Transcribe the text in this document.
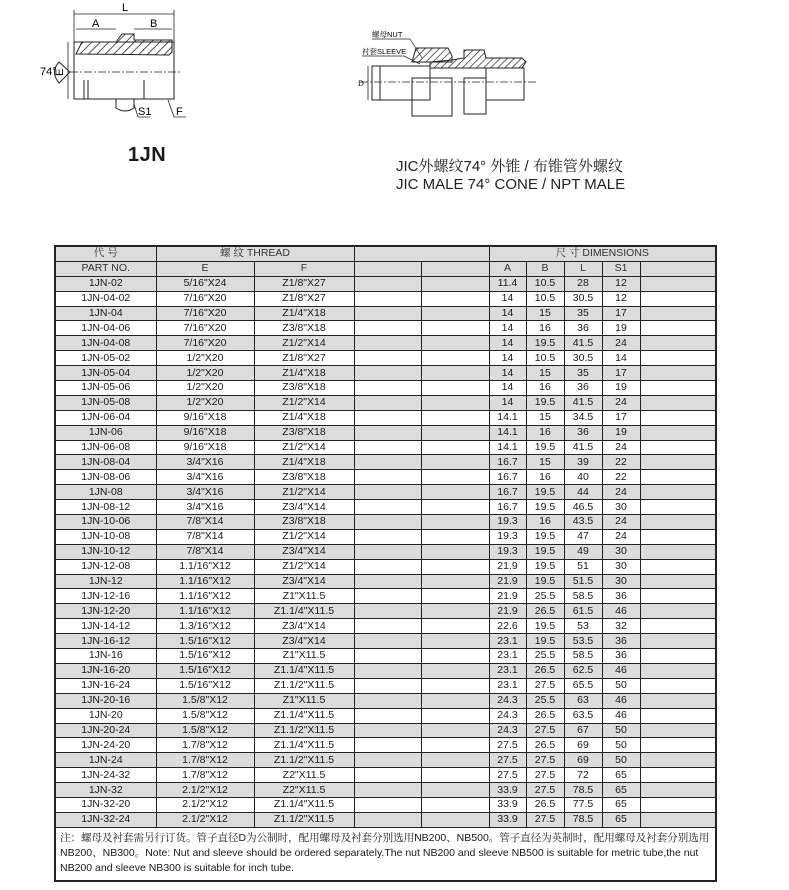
L
A	B
E
74°
F
S1
螺母NUT
衬套SLEEVE
D
1JN
JIC外螺纹74° 外锥 / 布锥管外螺纹
JIC MALE 74° CONE / NPT MALE
代 号	螺 纹 THREAD				尺 寸 DIMENSIONS				
PART NO.	E	F			A	B	L	S1	
1JN-02	5/16"X24	Z1/8"X27			11.4	10.5	28	12	
1JN-04-02	7/16"X20	Z1/8"X27			14	10.5	30.5	12	
1JN-04	7/16"X20	Z1/4"X18			14	15	35	17	
1JN-04-06	7/16"X20	Z3/8"X18			14	16	36	19	
1JN-04-08	7/16"X20	Z1/2"X14			14	19.5	41.5	24	
1JN-05-02	1/2"X20	Z1/8"X27			14	10.5	30.5	14	
1JN-05-04	1/2"X20	Z1/4"X18			14	15	35	17	
1JN-05-06	1/2"X20	Z3/8"X18			14	16	36	19	
1JN-05-08	1/2"X20	Z1/2"X14			14	19.5	41.5	24	
1JN-06-04	9/16"X18	Z1/4"X18			14.1	15	34.5	17	
1JN-06	9/16"X18	Z3/8"X18			14.1	16	36	19	
1JN-06-08	9/16"X18	Z1/2"X14			14.1	19.5	41.5	24	
1JN-08-04	3/4"X16	Z1/4"X18			16.7	15	39	22	
1JN-08-06	3/4"X16	Z3/8"X18			16.7	16	40	22	
1JN-08	3/4"X16	Z1/2"X14			16.7	19.5	44	24	
1JN-08-12	3/4"X16	Z3/4"X14			16.7	19.5	46.5	30	
1JN-10-06	7/8"X14	Z3/8"X18			19.3	16	43.5	24	
1JN-10-08	7/8"X14	Z1/2"X14			19.3	19.5	47	24	
1JN-10-12	7/8"X14	Z3/4"X14			19.3	19.5	49	30	
1JN-12-08	1.1/16"X12	Z1/2"X14			21.9	19.5	51	30	
1JN-12	1.1/16"X12	Z3/4"X14			21.9	19.5	51.5	30	
1JN-12-16	1.1/16"X12	Z1"X11.5			21.9	25.5	58.5	36	
1JN-12-20	1.1/16"X12	Z1.1/4"X11.5			21.9	26.5	61.5	46	
1JN-14-12	1.3/16"X12	Z3/4"X14			22.6	19.5	53	32	
1JN-16-12	1.5/16"X12	Z3/4"X14			23.1	19.5	53.5	36	
1JN-16	1.5/16"X12	Z1"X11.5			23.1	25.5	58.5	36	
1JN-16-20	1.5/16"X12	Z1.1/4"X11.5			23.1	26.5	62.5	46	
1JN-16-24	1.5/16"X12	Z1.1/2"X11.5			23.1	27.5	65.5	50	
1JN-20-16	1.5/8"X12	Z1"X11.5			24.3	25.5	63	46	
1JN-20	1.5/8"X12	Z1.1/4"X11.5			24.3	26.5	63.5	46	
1JN-20-24	1.5/8"X12	Z1.1/2"X11.5			24.3	27.5	67	50	
1JN-24-20	1.7/8"X12	Z1.1/4"X11.5			27.5	26.5	69	50	
1JN-24	1.7/8"X12	Z1.1/2"X11.5			27.5	27.5	69	50	
1JN-24-32	1.7/8"X12	Z2"X11.5			27.5	27.5	72	65	
1JN-32	2.1/2"X12	Z2"X11.5			33.9	27.5	78.5	65	
1JN-32-20	2.1/2"X12	Z1.1/4"X11.5			33.9	26.5	77.5	65	
1JN-32-24	2.1/2"X12	Z1.1/2"X11.5			33.9	27.5	78.5	65	
注：螺母及衬套需另行订货。管子直径D为公制时，配用螺母及衬套分别选用NB200、NB500。管子直径为英制时，配用螺母及衬套分别选用NB200、NB300。Note: Nut and sleeve should be ordered separately.The nut NB200 and sleeve NB500 is suitable for metric tube,the nut NB200 and sleeve NB300 is suitable for inch tube.									
